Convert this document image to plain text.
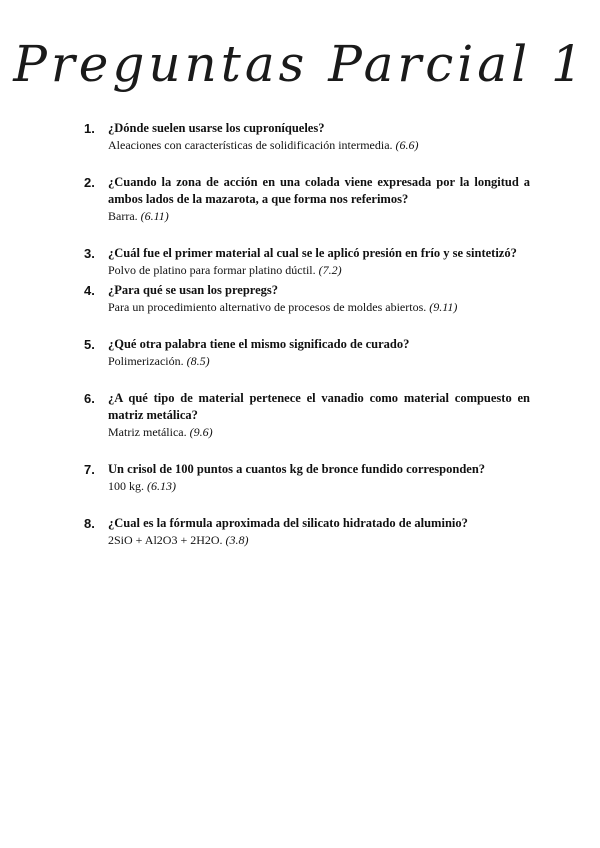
Preguntas Parcial 1
1. ¿Dónde suelen usarse los cuproníqueles?
Aleaciones con características de solidificación intermedia. (6.6)
2. ¿Cuando la zona de acción en una colada viene expresada por la longitud a ambos lados de la mazarota, a que forma nos referimos?
Barra. (6.11)
3. ¿Cuál fue el primer material al cual se le aplicó presión en frío y se sintetizó?
Polvo de platino para formar platino dúctil. (7.2)
4. ¿Para qué se usan los prepregs?
Para un procedimiento alternativo de procesos de moldes abiertos. (9.11)
5. ¿Qué otra palabra tiene el mismo significado de curado?
Polimerización. (8.5)
6. ¿A qué tipo de material pertenece el vanadio como material compuesto en matriz metálica?
Matriz metálica. (9.6)
7. Un crisol de 100 puntos a cuantos kg de bronce fundido corresponden?
100 kg. (6.13)
8. ¿Cual es la fórmula aproximada del silicato hidratado de aluminio?
2SiO + Al2O3 + 2H2O. (3.8)
